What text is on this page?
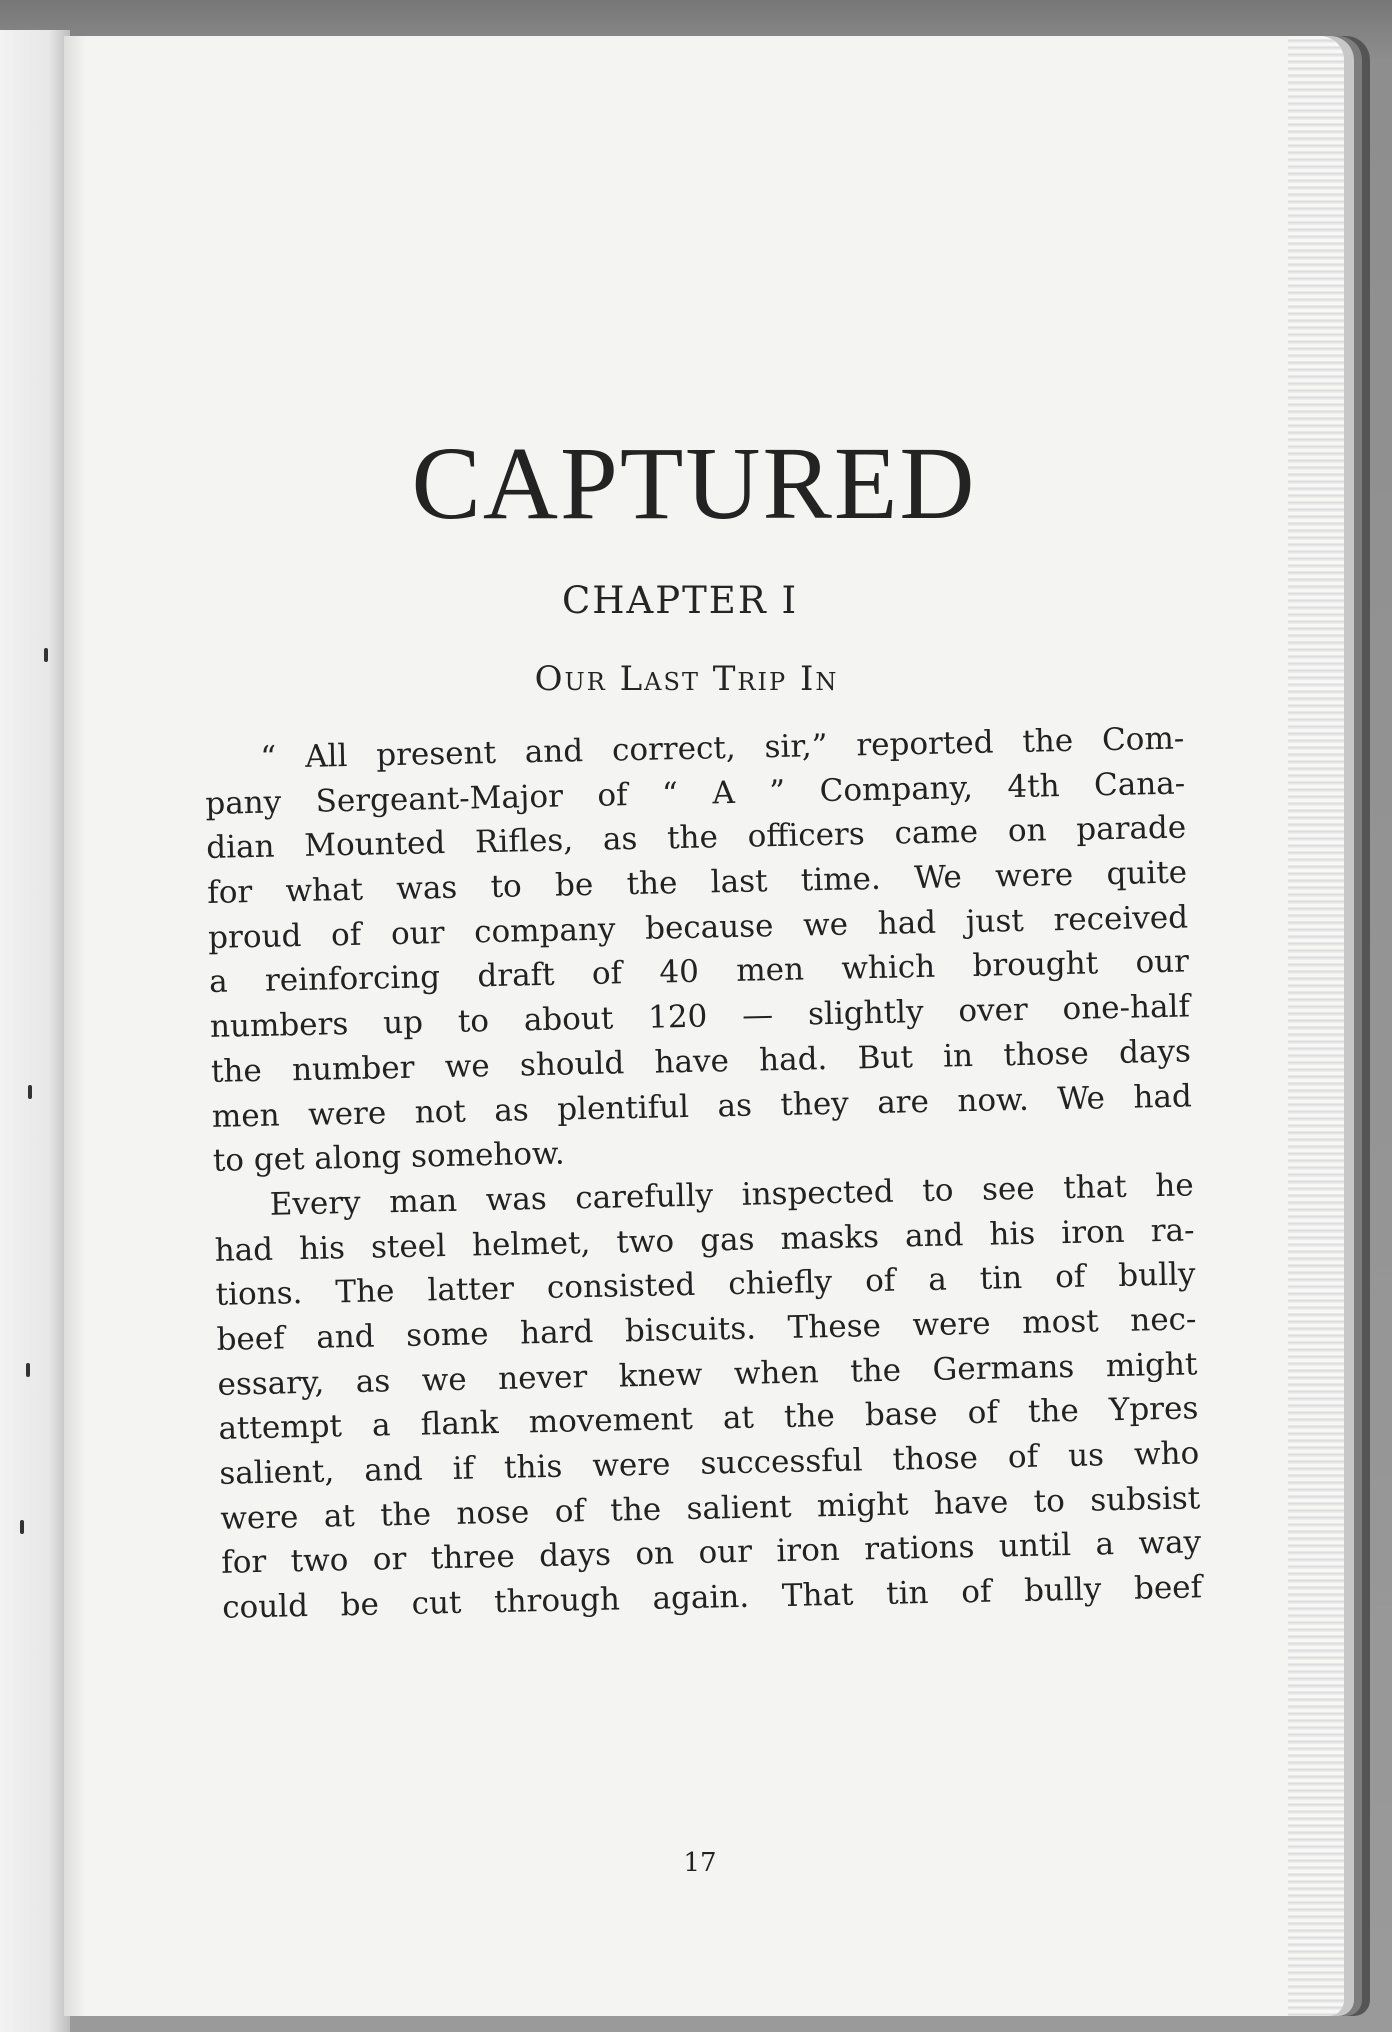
CAPTURED
CHAPTER I
Our Last Trip In
“ All present and correct, sir,” reported the Com-
pany Sergeant-Major of “ A ” Company, 4th Cana-
dian Mounted Rifles, as the officers came on parade
for what was to be the last time. We were quite
proud of our company because we had just received
a reinforcing draft of 40 men which brought our
numbers up to about 120 — slightly over one-half
the number we should have had. But in those days
men were not as plentiful as they are now. We had
to get along somehow.
Every man was carefully inspected to see that he
had his steel helmet, two gas masks and his iron ra-
tions. The latter consisted chiefly of a tin of bully
beef and some hard biscuits. These were most nec-
essary, as we never knew when the Germans might
attempt a flank movement at the base of the Ypres
salient, and if this were successful those of us who
were at the nose of the salient might have to subsist
for two or three days on our iron rations until a way
could be cut through again. That tin of bully beef
17
